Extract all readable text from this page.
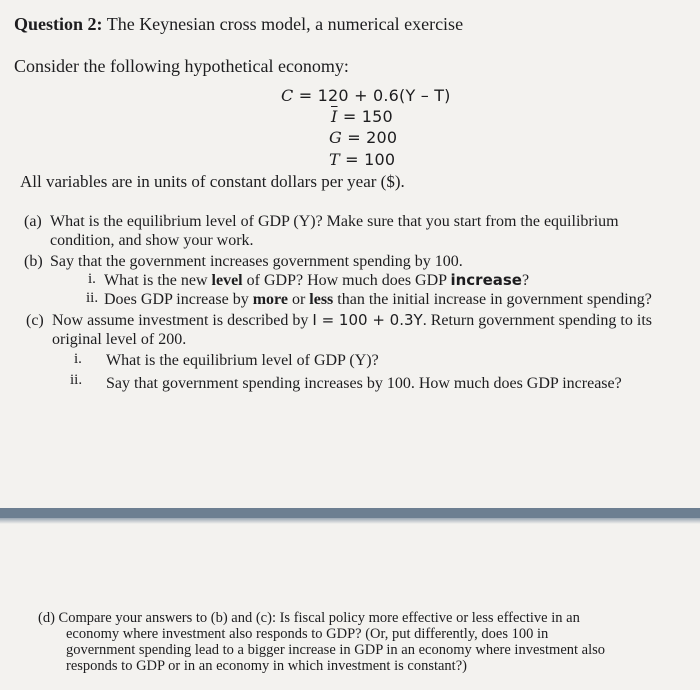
Question 2: The Keynesian cross model, a numerical exercise
Consider the following hypothetical economy:
C = 120 + 0.6(Y – T)
$\overline{I} = 150$
G = 200
T = 100
All variables are in units of constant dollars per year ($).
(a) What is the equilibrium level of GDP (Y)? Make sure that you start from the equilibrium
condition, and show your work.
(b) Say that the government increases government spending by 100.
i. What is the new level of GDP? How much does GDP increase?
ii. Does GDP increase by more or less than the initial increase in government spending?
(c) Now assume investment is described by I = 100 + 0.3Y. Return government spending to its
original level of 200.
i. What is the equilibrium level of GDP (Y)?
ii. Say that government spending increases by 100. How much does GDP increase?
(d) Compare your answers to (b) and (c): Is fiscal policy more effective or less effective in an
economy where investment also responds to GDP? (Or, put differently, does 100 in
government spending lead to a bigger increase in GDP in an economy where investment also
responds to GDP or in an economy in which investment is constant?)
